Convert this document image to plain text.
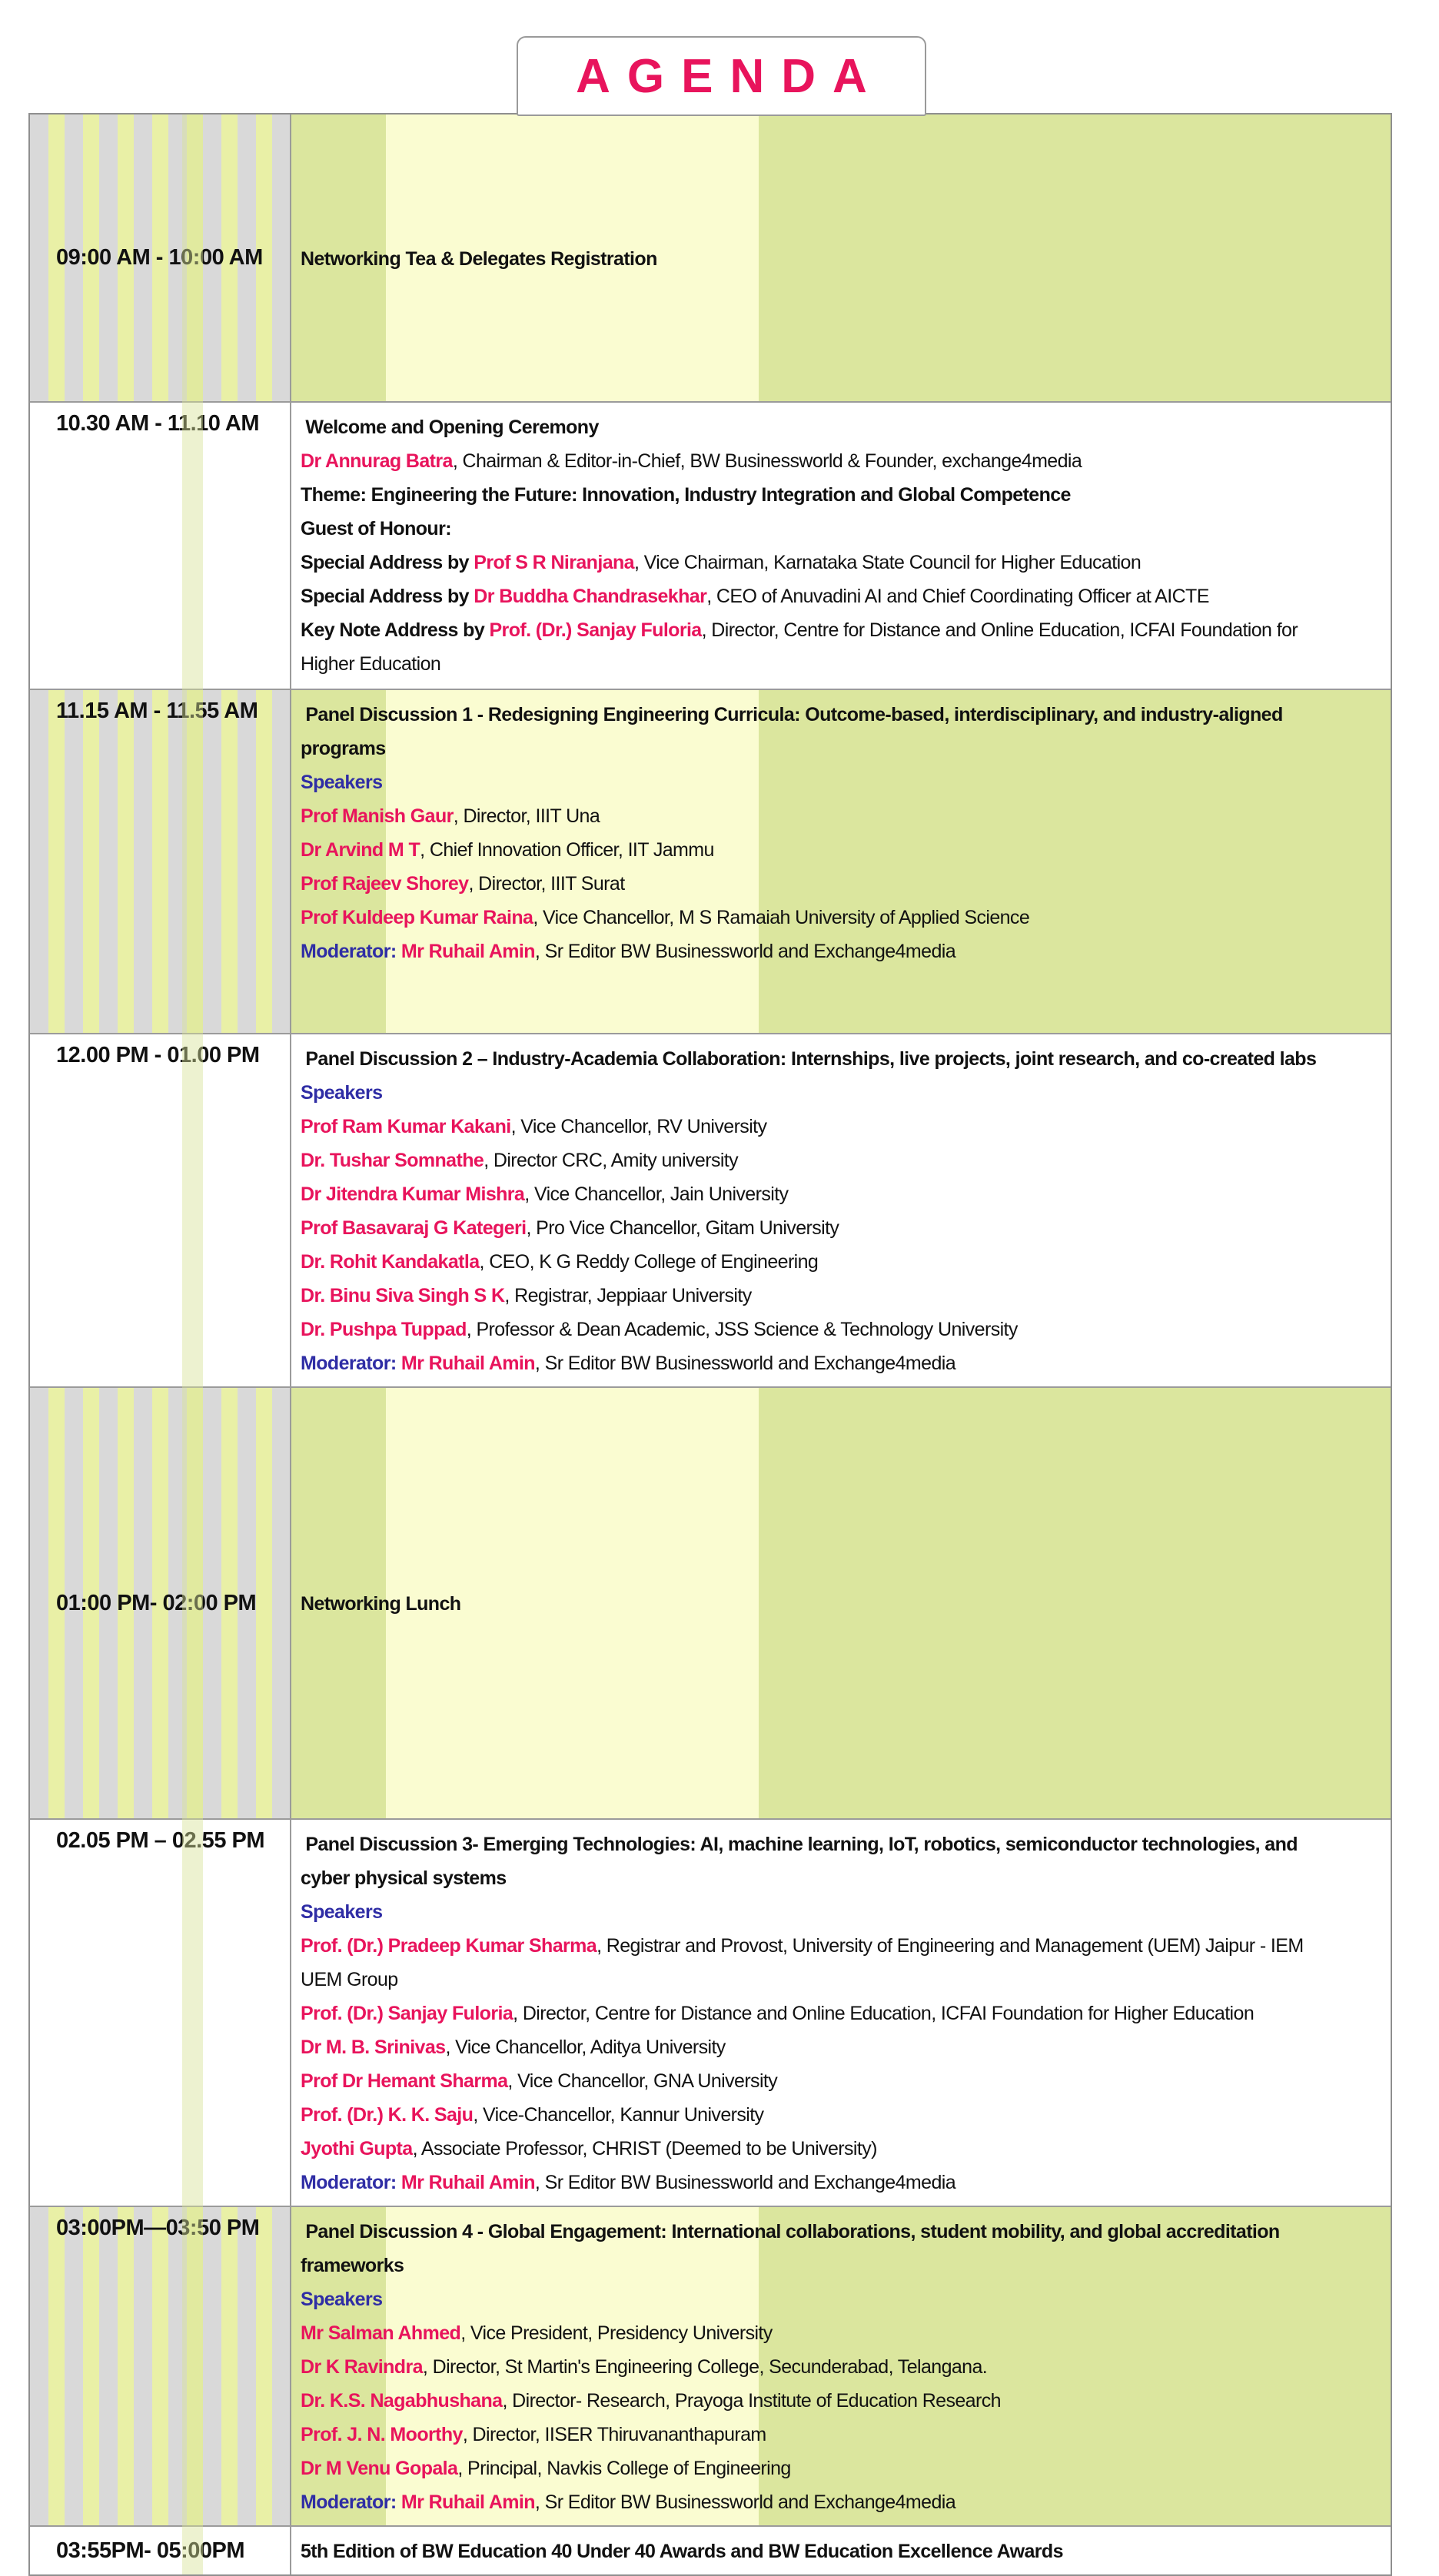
AGENDA
09:00 AM - 10:00 AM	Networking Tea & Delegates Registration
10.30 AM - 11.10 AM	Welcome and Opening Ceremony
Dr Annurag Batra, Chairman & Editor-in-Chief, BW Businessworld & Founder, exchange4media
Theme: Engineering the Future: Innovation, Industry Integration and Global Competence
Guest of Honour:
Special Address by Prof S R Niranjana, Vice Chairman, Karnataka State Council for Higher Education
Special Address by Dr Buddha Chandrasekhar, CEO of Anuvadini AI and Chief Coordinating Officer at AICTE
Key Note Address by Prof. (Dr.) Sanjay Fuloria, Director, Centre for Distance and Online Education, ICFAI Foundation for
Higher Education
11.15 AM - 11.55 AM	Panel Discussion 1 - Redesigning Engineering Curricula: Outcome-based, interdisciplinary, and industry-aligned
programs
Speakers
Prof Manish Gaur, Director, IIIT Una
Dr Arvind M T, Chief Innovation Officer, IIT Jammu
Prof Rajeev Shorey, Director, IIIT Surat
Prof Kuldeep Kumar Raina, Vice Chancellor, M S Ramaiah University of Applied Science
Moderator: Mr Ruhail Amin, Sr Editor BW Businessworld and Exchange4media
12.00 PM - 01.00 PM	Panel Discussion 2 – Industry-Academia Collaboration: Internships, live projects, joint research, and co-created labs
Speakers
Prof Ram Kumar Kakani, Vice Chancellor, RV University
Dr. Tushar Somnathe, Director CRC, Amity university
Dr Jitendra Kumar Mishra, Vice Chancellor, Jain University
Prof Basavaraj G Kategeri, Pro Vice Chancellor, Gitam University
Dr. Rohit Kandakatla, CEO, K G Reddy College of Engineering
Dr. Binu Siva Singh S K, Registrar, Jeppiaar University
Dr. Pushpa Tuppad, Professor & Dean Academic, JSS Science & Technology University
Moderator: Mr Ruhail Amin, Sr Editor BW Businessworld and Exchange4media
01:00 PM- 02:00 PM	Networking Lunch
02.05 PM – 02.55 PM	Panel Discussion 3- Emerging Technologies: AI, machine learning, IoT, robotics, semiconductor technologies, and
cyber physical systems
Speakers
Prof. (Dr.) Pradeep Kumar Sharma, Registrar and Provost, University of Engineering and Management (UEM) Jaipur - IEM
UEM Group
Prof. (Dr.) Sanjay Fuloria, Director, Centre for Distance and Online Education, ICFAI Foundation for Higher Education
Dr M. B. Srinivas, Vice Chancellor, Aditya University
Prof Dr Hemant Sharma, Vice Chancellor, GNA University
Prof. (Dr.) K. K. Saju, Vice-Chancellor, Kannur University
Jyothi Gupta, Associate Professor, CHRIST (Deemed to be University)
Moderator: Mr Ruhail Amin, Sr Editor BW Businessworld and Exchange4media
03:00PM—03:50 PM	Panel Discussion 4 - Global Engagement: International collaborations, student mobility, and global accreditation
frameworks
Speakers
Mr Salman Ahmed, Vice President, Presidency University
Dr K Ravindra, Director, St Martin's Engineering College, Secunderabad, Telangana.
Dr. K.S. Nagabhushana, Director- Research, Prayoga Institute of Education Research
Prof. J. N. Moorthy, Director, IISER Thiruvananthapuram
Dr M Venu Gopala, Principal, Navkis College of Engineering
Moderator: Mr Ruhail Amin, Sr Editor BW Businessworld and Exchange4media
03:55PM- 05:00PM	5th Edition of BW Education 40 Under 40 Awards and BW Education Excellence Awards
